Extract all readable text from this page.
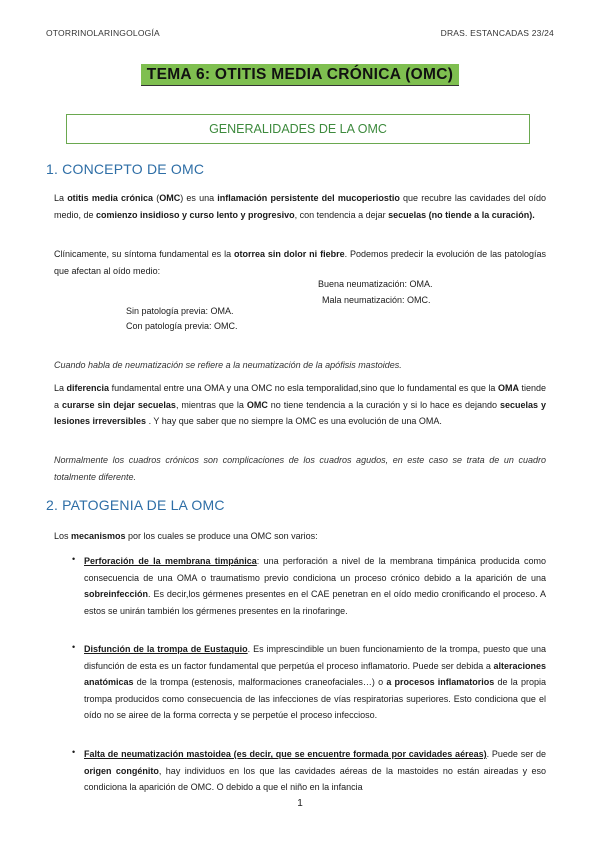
OTORRINOLARINGOLOGÍA	DRAS. ESTANCADAS 23/24
TEMA 6: OTITIS MEDIA CRÓNICA (OMC)
GENERALIDADES DE LA OMC
1. CONCEPTO DE OMC
La otitis media crónica (OMC) es una inflamación persistente del mucoperiostio que recubre las cavidades del oído medio, de comienzo insidioso y curso lento y progresivo, con tendencia a dejar secuelas (no tiende a la curación).
Clínicamente, su síntoma fundamental es la otorrea sin dolor ni fiebre. Podemos predecir la evolución de las patologías que afectan al oído medio:
Buena neumatización: OMA.
Mala neumatización: OMC.
Sin patología previa: OMA.
Con patología previa: OMC.
Cuando habla de neumatización se refiere a la neumatización de la apófisis mastoides.
La diferencia fundamental entre una OMA y una OMC no esla temporalidad,sino que lo fundamental es que la OMA tiende a curarse sin dejar secuelas, mientras que la OMC no tiene tendencia a la curación y si lo hace es dejando secuelas y lesiones irreversibles . Y hay que saber que no siempre la OMC es una evolución de una OMA.
Normalmente los cuadros crónicos son complicaciones de los cuadros agudos, en este caso se trata de un cuadro totalmente diferente.
2. PATOGENIA DE LA OMC
Los mecanismos por los cuales se produce una OMC son varios:
• Perforación de la membrana timpánica: una perforación a nivel de la membrana timpánica producida como consecuencia de una OMA o traumatismo previo condiciona un proceso crónico debido a la aparición de una sobreinfección. Es decir,los gérmenes presentes en el CAE penetran en el oído medio cronificando el proceso. A estos se unirán también los gérmenes presentes en la rinofaringe.
• Disfunción de la trompa de Eustaquio. Es imprescindible un buen funcionamiento de la trompa, puesto que una disfunción de esta es un factor fundamental que perpetúa el proceso inflamatorio. Puede ser debida a alteraciones anatómicas de la trompa (estenosis, malformaciones craneofaciales…) o a procesos inflamatorios de la propia trompa producidos como consecuencia de las infecciones de vías respiratorias superiores. Esto condiciona que el oído no se airee de la forma correcta y se perpetúe el proceso infeccioso.
• Falta de neumatización mastoidea (es decir, que se encuentre formada por cavidades aéreas). Puede ser de origen congénito, hay individuos en los que las cavidades aéreas de la mastoides no están aireadas y eso condiciona la aparición de OMC. O debido a que el niño en la infancia
1
